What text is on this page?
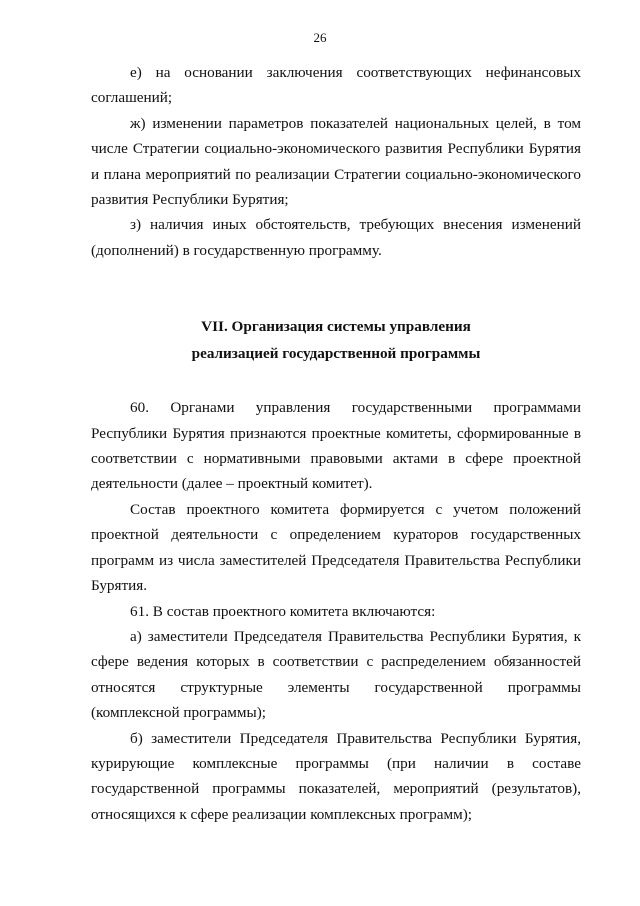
26

е) на основании заключения соответствующих нефинансовых соглашений;

ж) изменении параметров показателей национальных целей, в том числе Стратегии социально-экономического развития Республики Бурятия и плана мероприятий по реализации Стратегии социально-экономического развития Республики Бурятия;

з) наличия иных обстоятельств, требующих внесения изменений (дополнений) в государственную программу.

VII. Организация системы управления

реализацией государственной программы

60. Органами управления государственными программами Республики Бурятия признаются проектные комитеты, сформированные в соответствии с нормативными правовыми актами в сфере проектной деятельности (далее – проектный комитет).

Состав проектного комитета формируется с учетом положений проектной деятельности с определением кураторов государственных программ из числа заместителей Председателя Правительства Республики Бурятия.

61. В состав проектного комитета включаются:

а) заместители Председателя Правительства Республики Бурятия, к сфере ведения которых в соответствии с распределением обязанностей относятся структурные элементы государственной программы (комплексной программы);

б) заместители Председателя Правительства Республики Бурятия, курирующие комплексные программы (при наличии в составе государственной программы показателей, мероприятий (результатов), относящихся к сфере реализации комплексных программ);
